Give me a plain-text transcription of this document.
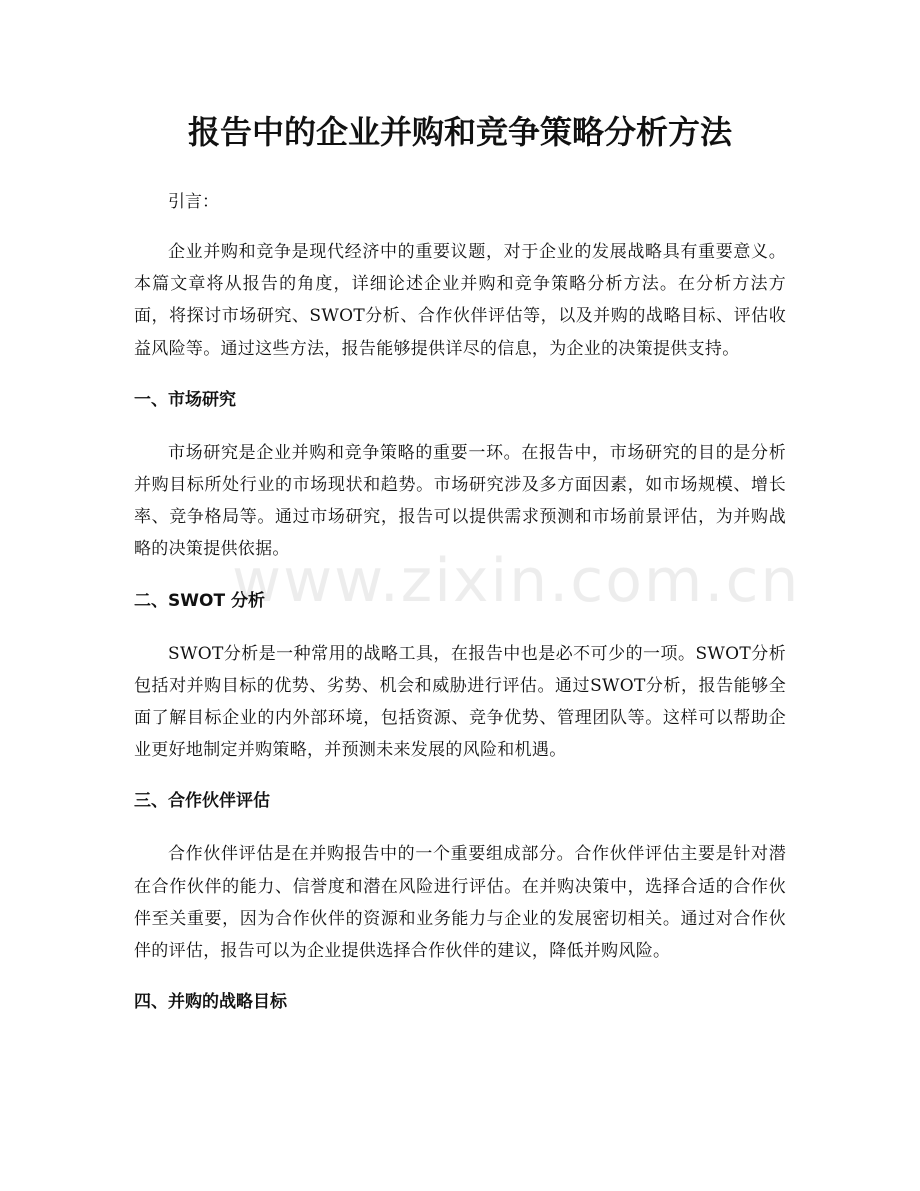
报告中的企业并购和竞争策略分析方法
引言：

企业并购和竞争是现代经济中的重要议题，对于企业的发展战略具有重要意义。本篇文章将从报告的角度，详细论述企业并购和竞争策略分析方法。在分析方法方面，将探讨市场研究、SWOT分析、合作伙伴评估等，以及并购的战略目标、评估收益风险等。通过这些方法，报告能够提供详尽的信息，为企业的决策提供支持。

一、市场研究

市场研究是企业并购和竞争策略的重要一环。在报告中，市场研究的目的是分析并购目标所处行业的市场现状和趋势。市场研究涉及多方面因素，如市场规模、增长率、竞争格局等。通过市场研究，报告可以提供需求预测和市场前景评估，为并购战略的决策提供依据。

二、SWOT 分析

SWOT分析是一种常用的战略工具，在报告中也是必不可少的一项。SWOT分析包括对并购目标的优势、劣势、机会和威胁进行评估。通过SWOT分析，报告能够全面了解目标企业的内外部环境，包括资源、竞争优势、管理团队等。这样可以帮助企业更好地制定并购策略，并预测未来发展的风险和机遇。

三、合作伙伴评估

合作伙伴评估是在并购报告中的一个重要组成部分。合作伙伴评估主要是针对潜在合作伙伴的能力、信誉度和潜在风险进行评估。在并购决策中，选择合适的合作伙伴至关重要，因为合作伙伴的资源和业务能力与企业的发展密切相关。通过对合作伙伴的评估，报告可以为企业提供选择合作伙伴的建议，降低并购风险。

四、并购的战略目标
www.zixin.com.cn
